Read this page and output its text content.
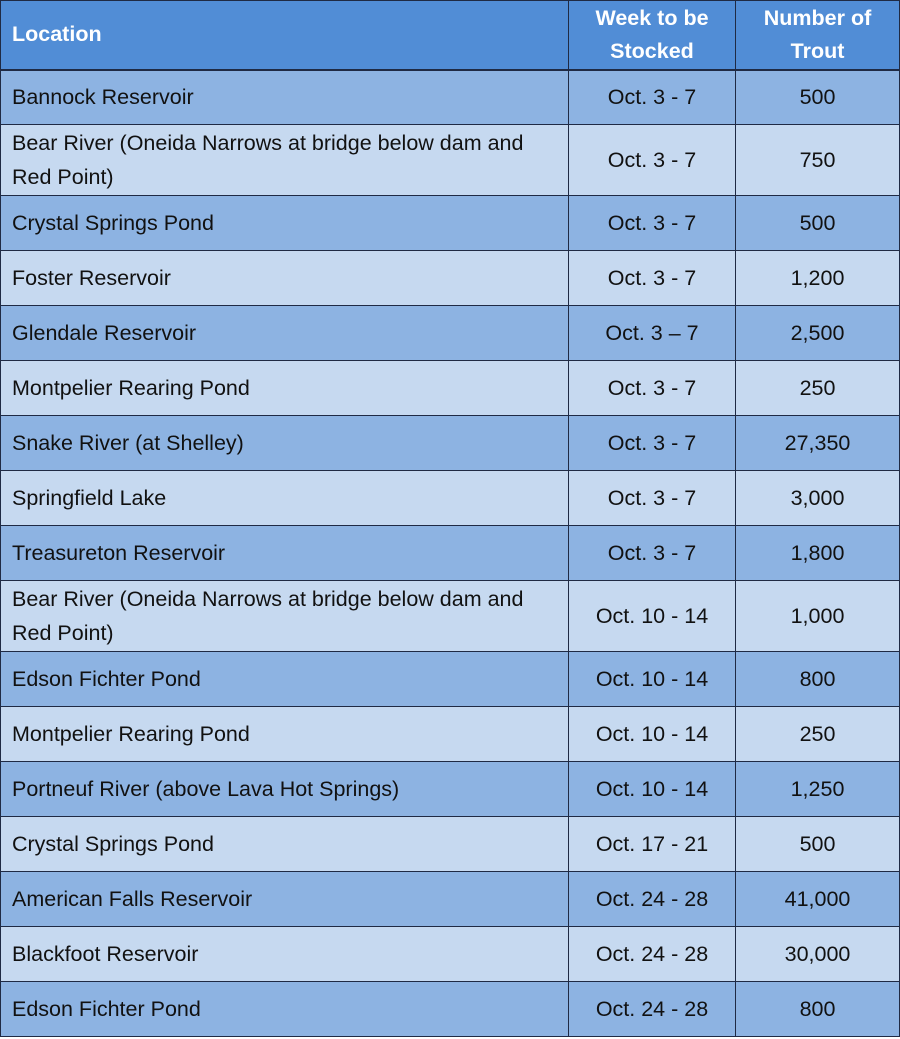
Location	Week to be Stocked	Number of Trout
Bannock Reservoir	Oct. 3 - 7	500
Bear River (Oneida Narrows at bridge below dam and Red Point)	Oct. 3 - 7	750
Crystal Springs Pond	Oct. 3 - 7	500
Foster Reservoir	Oct. 3 - 7	1,200
Glendale Reservoir	Oct. 3 – 7	2,500
Montpelier Rearing Pond	Oct. 3 - 7	250
Snake River (at Shelley)	Oct. 3 - 7	27,350
Springfield Lake	Oct. 3 - 7	3,000
Treasureton Reservoir	Oct. 3 - 7	1,800
Bear River (Oneida Narrows at bridge below dam and Red Point)	Oct. 10 - 14	1,000
Edson Fichter Pond	Oct. 10 - 14	800
Montpelier Rearing Pond	Oct. 10 - 14	250
Portneuf River (above Lava Hot Springs)	Oct. 10 - 14	1,250
Crystal Springs Pond	Oct. 17 - 21	500
American Falls Reservoir	Oct. 24 - 28	41,000
Blackfoot Reservoir	Oct. 24 - 28	30,000
Edson Fichter Pond	Oct. 24 - 28	800
